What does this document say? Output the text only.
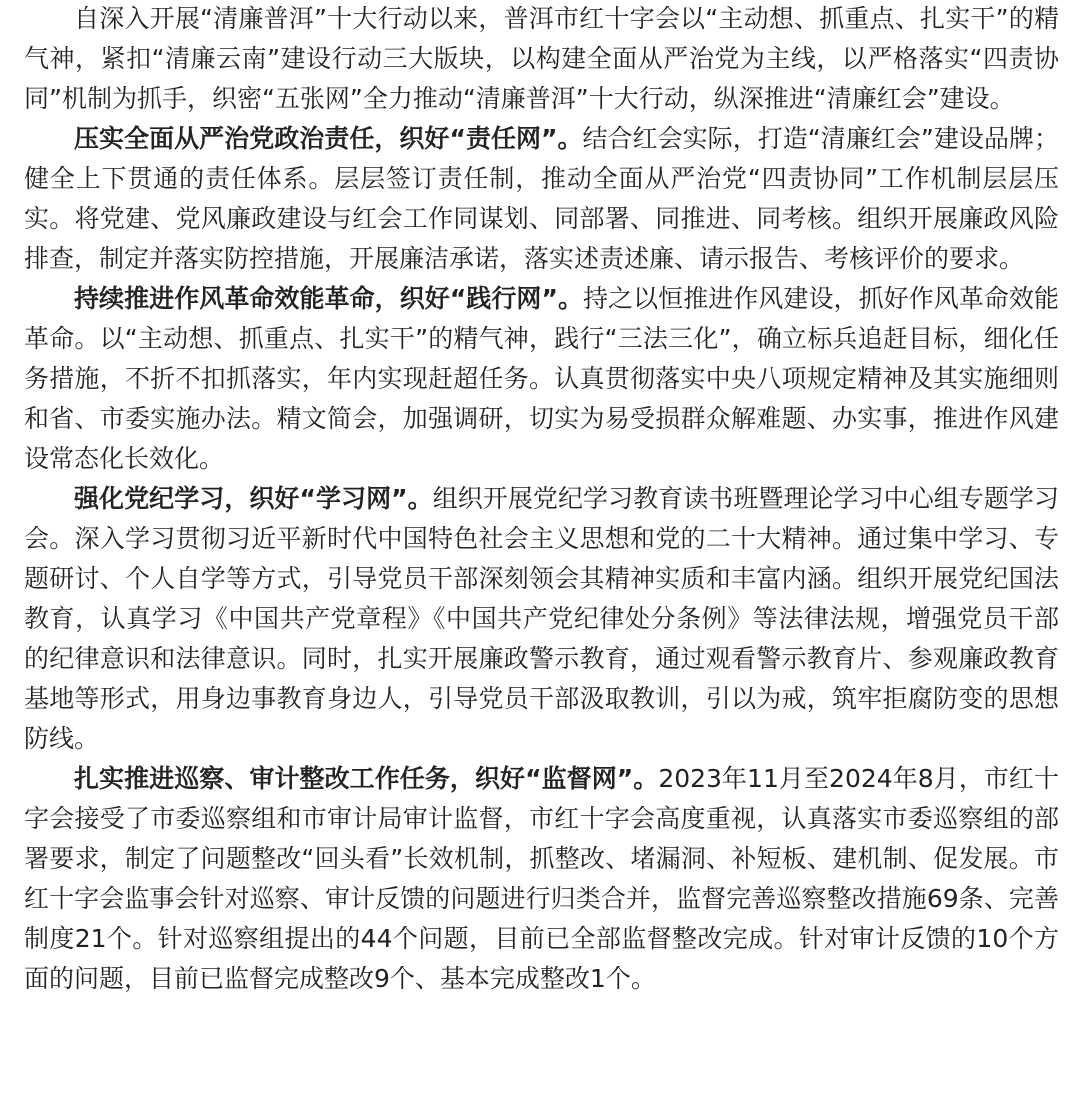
自深入开展“清廉普洱”十大行动以来，普洱市红十字会以“主动想、抓重点、扎实干”的精气神，紧扣“清廉云南”建设行动三大版块，以构建全面从严治党为主线，以严格落实“四责协同”机制为抓手，织密“五张网”全力推动“清廉普洱”十大行动，纵深推进“清廉红会”建设。

压实全面从严治党政治责任，织好“责任网”。结合红会实际，打造“清廉红会”建设品牌；健全上下贯通的责任体系。层层签订责任制，推动全面从严治党“四责协同”工作机制层层压实。将党建、党风廉政建设与红会工作同谋划、同部署、同推进、同考核。组织开展廉政风险排查，制定并落实防控措施，开展廉洁承诺，落实述责述廉、请示报告、考核评价的要求。

持续推进作风革命效能革命，织好“践行网”。持之以恒推进作风建设，抓好作风革命效能革命。以“主动想、抓重点、扎实干”的精气神，践行“三法三化”，确立标兵追赶目标，细化任务措施，不折不扣抓落实，年内实现赶超任务。认真贯彻落实中央八项规定精神及其实施细则和省、市委实施办法。精文简会，加强调研，切实为易受损群众解难题、办实事，推进作风建设常态化长效化。

强化党纪学习，织好“学习网”。组织开展党纪学习教育读书班暨理论学习中心组专题学习会。深入学习贯彻习近平新时代中国特色社会主义思想和党的二十大精神。通过集中学习、专题研讨、个人自学等方式，引导党员干部深刻领会其精神实质和丰富内涵。组织开展党纪国法教育，认真学习《中国共产党章程》《中国共产党纪律处分条例》等法律法规，增强党员干部的纪律意识和法律意识。同时，扎实开展廉政警示教育，通过观看警示教育片、参观廉政教育基地等形式，用身边事教育身边人，引导党员干部汲取教训，引以为戒，筑牢拒腐防变的思想防线。

扎实推进巡察、审计整改工作任务，织好“监督网”。2023年11月至2024年8月，市红十字会接受了市委巡察组和市审计局审计监督，市红十字会高度重视，认真落实市委巡察组的部署要求，制定了问题整改“回头看”长效机制，抓整改、堵漏洞、补短板、建机制、促发展。市红十字会监事会针对巡察、审计反馈的问题进行归类合并，监督完善巡察整改措施69条、完善制度21个。针对巡察组提出的44个问题，目前已全部监督整改完成。针对审计反馈的10个方面的问题，目前已监督完成整改9个、基本完成整改1个。
